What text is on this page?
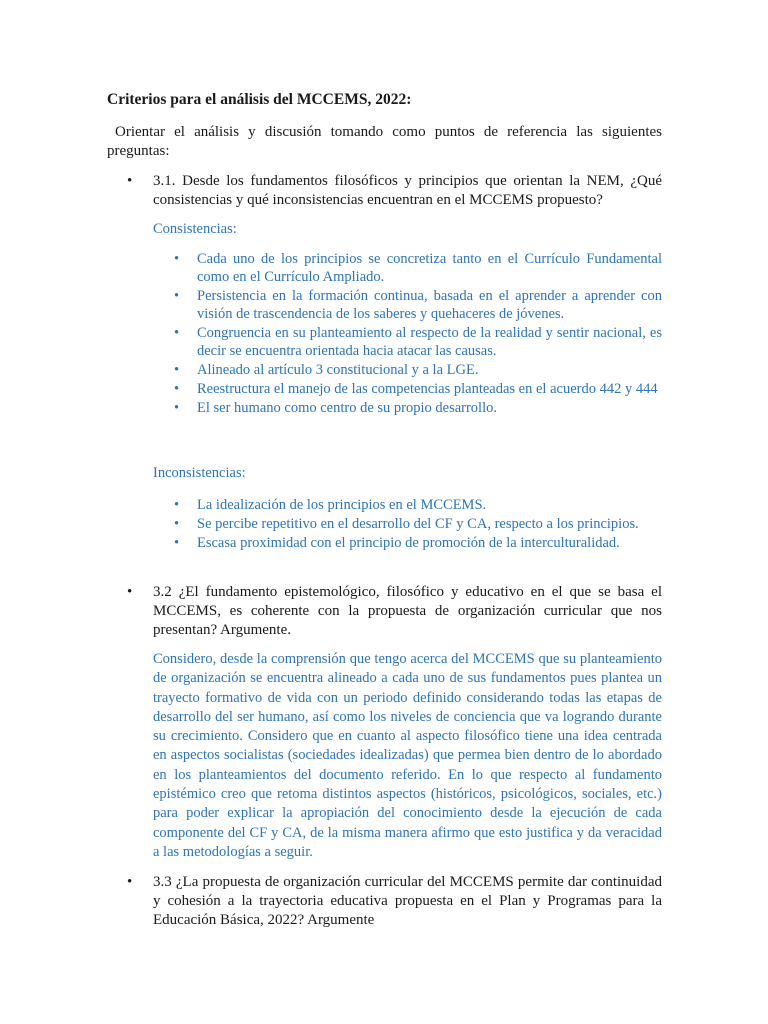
Criterios para el análisis del MCCEMS, 2022:

Orientar el análisis y discusión tomando como puntos de referencia las siguientes preguntas:

• 3.1. Desde los fundamentos filosóficos y principios que orientan la NEM, ¿Qué consistencias y qué inconsistencias encuentran en el MCCEMS propuesto?

Consistencias:

• Cada uno de los principios se concretiza tanto en el Currículo Fundamental como en el Currículo Ampliado.
• Persistencia en la formación continua, basada en el aprender a aprender con visión de trascendencia de los saberes y quehaceres de jóvenes.
• Congruencia en su planteamiento al respecto de la realidad y sentir nacional, es decir se encuentra orientada hacia atacar las causas.
• Alineado al artículo 3 constitucional y a la LGE.
• Reestructura el manejo de las competencias planteadas en el acuerdo 442 y 444
• El ser humano como centro de su propio desarrollo.

Inconsistencias:

• La idealización de los principios en el MCCEMS.
• Se percibe repetitivo en el desarrollo del CF y CA, respecto a los principios.
• Escasa proximidad con el principio de promoción de la interculturalidad.
• 3.2 ¿El fundamento epistemológico, filosófico y educativo en el que se basa el MCCEMS, es coherente con la propuesta de organización curricular que nos presentan? Argumente.

Considero, desde la comprensión que tengo acerca del MCCEMS que su planteamiento de organización se encuentra alineado a cada uno de sus fundamentos pues plantea un trayecto formativo de vida con un periodo definido considerando todas las etapas de desarrollo del ser humano, así como los niveles de conciencia que va logrando durante su crecimiento. Considero que en cuanto al aspecto filosófico tiene una idea centrada en aspectos socialistas (sociedades idealizadas) que permea bien dentro de lo abordado en los planteamientos del documento referido. En lo que respecto al fundamento epistémico creo que retoma distintos aspectos (históricos, psicológicos, sociales, etc.) para poder explicar la apropiación del conocimiento desde la ejecución de cada componente del CF y CA, de la misma manera afirmo que esto justifica y da veracidad a las metodologías a seguir.

• 3.3 ¿La propuesta de organización curricular del MCCEMS permite dar continuidad y cohesión a la trayectoria educativa propuesta en el Plan y Programas para la Educación Básica, 2022? Argumente
